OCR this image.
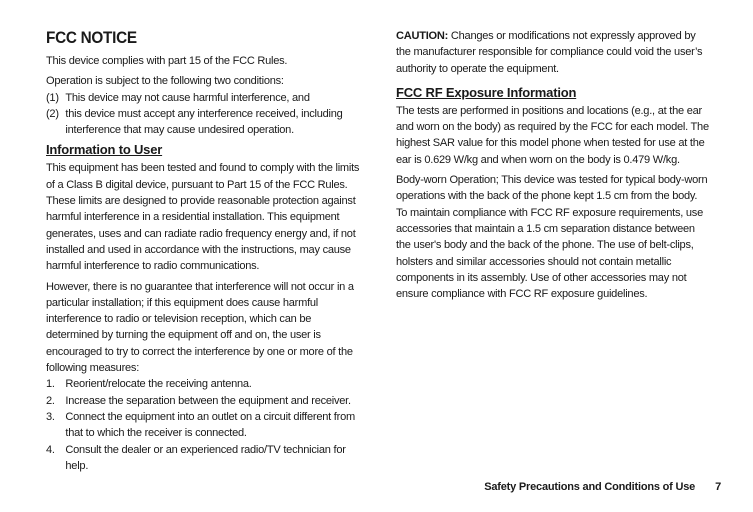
FCC NOTICE

This device complies with part 15 of the FCC Rules.

Operation is subject to the following two conditions:

(1) This device may not cause harmful interference, and
(2) this device must accept any interference received, including interference that may cause undesired operation.
Information to User

This equipment has been tested and found to comply with the limits of a Class B digital device, pursuant to Part 15 of the FCC Rules. These limits are designed to provide reasonable protection against harmful interference in a residential installation. This equipment generates, uses and can radiate radio frequency energy and, if not installed and used in accordance with the instructions, may cause harmful interference to radio communications.

However, there is no guarantee that interference will not occur in a particular installation; if this equipment does cause harmful interference to radio or television reception, which can be determined by turning the equipment off and on, the user is encouraged to try to correct the interference by one or more of the following measures:

1. Reorient/relocate the receiving antenna.
2. Increase the separation between the equipment and receiver.
3. Connect the equipment into an outlet on a circuit different from that to which the receiver is connected.
4. Consult the dealer or an experienced radio/TV technician for help.

CAUTION: Changes or modifications not expressly approved by the manufacturer responsible for compliance could void the user’s authority to operate the equipment.

FCC RF Exposure Information

The tests are performed in positions and locations (e.g., at the ear and worn on the body) as required by the FCC for each model. The highest SAR value for this model phone when tested for use at the ear is 0.629 W/kg and when worn on the body is 0.479 W/kg.

Body-worn Operation; This device was tested for typical body-worn operations with the back of the phone kept 1.5 cm from the body. To maintain compliance with FCC RF exposure requirements, use accessories that maintain a 1.5 cm separation distance between the user's body and the back of the phone. The use of belt-clips, holsters and similar accessories should not contain metallic components in its assembly. Use of other accessories may not ensure compliance with FCC RF exposure guidelines.

Safety Precautions and Conditions of Use 7
